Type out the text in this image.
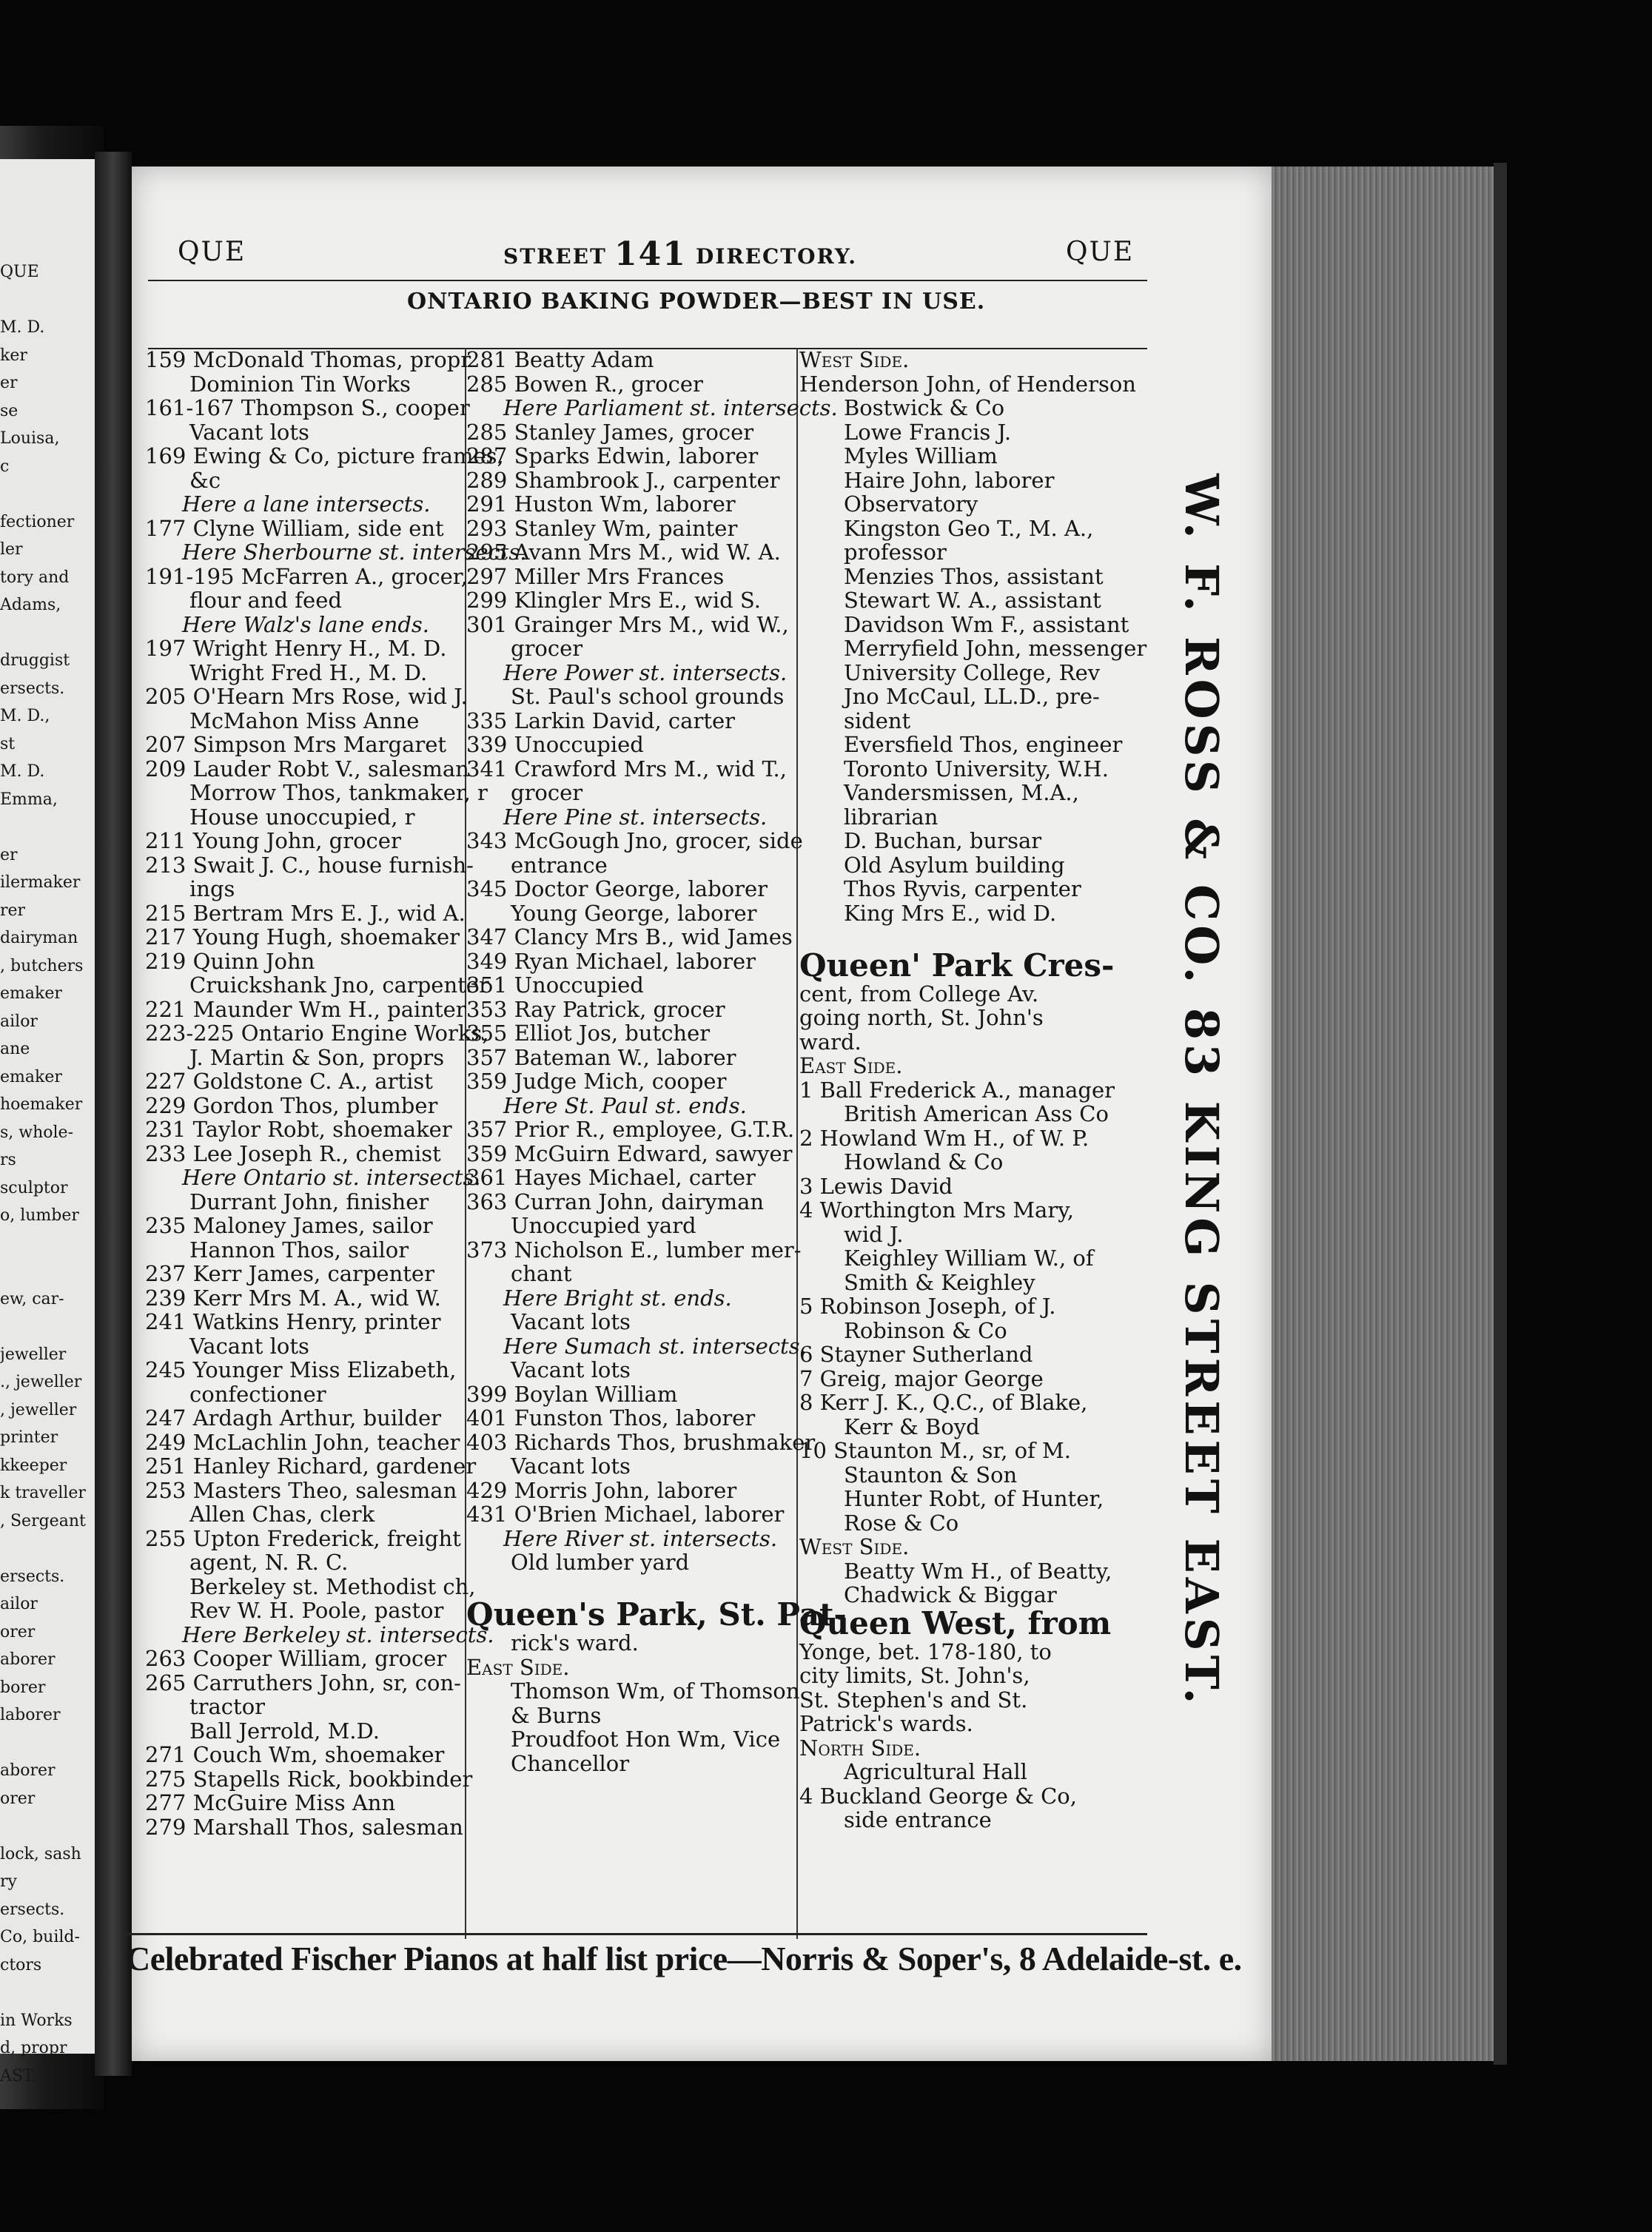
QUE
M. D.
ker
er
se
Louisa,
c
fectioner
ler
tory and
Adams,
druggist
ersects.
M. D.,
st
M. D.
Emma,
er
ilermaker
rer
dairyman
, butchers
emaker
ailor
ane
emaker
hoemaker
s, whole-
rs
sculptor
o, lumber
ew, car-
jeweller
., jeweller
, jeweller
printer
kkeeper
k traveller
, Sergeant
ersects.
ailor
orer
aborer
borer
laborer
aborer
orer
lock, sash
ry
ersects.
Co, build-
ctors
in Works
d, propr
AST.
QUE	STREET 141 DIRECTORY.	QUE
ONTARIO BAKING POWDER—BEST IN USE.
159 McDonald Thomas, propr
Dominion Tin Works
161-167 Thompson S., cooper
Vacant lots
169 Ewing & Co, picture frames,
&c
Here a lane intersects.
177 Clyne William, side ent
Here Sherbourne st. intersects.
191-195 McFarren A., grocer,
flour and feed
Here Walz's lane ends.
197 Wright Henry H., M. D.
Wright Fred H., M. D.
205 O'Hearn Mrs Rose, wid J.
McMahon Miss Anne
207 Simpson Mrs Margaret
209 Lauder Robt V., salesman
Morrow Thos, tankmaker, r
House unoccupied, r
211 Young John, grocer
213 Swait J. C., house furnish-
ings
215 Bertram Mrs E. J., wid A.
217 Young Hugh, shoemaker
219 Quinn John
Cruickshank Jno, carpenter
221 Maunder Wm H., painter
223-225 Ontario Engine Works,
J. Martin & Son, proprs
227 Goldstone C. A., artist
229 Gordon Thos, plumber
231 Taylor Robt, shoemaker
233 Lee Joseph R., chemist
Here Ontario st. intersects.
Durrant John, finisher
235 Maloney James, sailor
Hannon Thos, sailor
237 Kerr James, carpenter
239 Kerr Mrs M. A., wid W.
241 Watkins Henry, printer
Vacant lots
245 Younger Miss Elizabeth,
confectioner
247 Ardagh Arthur, builder
249 McLachlin John, teacher
251 Hanley Richard, gardener
253 Masters Theo, salesman
Allen Chas, clerk
255 Upton Frederick, freight
agent, N. R. C.
Berkeley st. Methodist ch,
Rev W. H. Poole, pastor
Here Berkeley st. intersects.
263 Cooper William, grocer
265 Carruthers John, sr, con-
tractor
Ball Jerrold, M.D.
271 Couch Wm, shoemaker
275 Stapells Rick, bookbinder
277 McGuire Miss Ann
279 Marshall Thos, salesman
281 Beatty Adam
285 Bowen R., grocer
Here Parliament st. intersects.
285 Stanley James, grocer
287 Sparks Edwin, laborer
289 Shambrook J., carpenter
291 Huston Wm, laborer
293 Stanley Wm, painter
295 Avann Mrs M., wid W. A.
297 Miller Mrs Frances
299 Klingler Mrs E., wid S.
301 Grainger Mrs M., wid W.,
grocer
Here Power st. intersects.
St. Paul's school grounds
335 Larkin David, carter
339 Unoccupied
341 Crawford Mrs M., wid T.,
grocer
Here Pine st. intersects.
343 McGough Jno, grocer, side
entrance
345 Doctor George, laborer
Young George, laborer
347 Clancy Mrs B., wid James
349 Ryan Michael, laborer
351 Unoccupied
353 Ray Patrick, grocer
355 Elliot Jos, butcher
357 Bateman W., laborer
359 Judge Mich, cooper
Here St. Paul st. ends.
357 Prior R., employee, G.T.R.
359 McGuirn Edward, sawyer
361 Hayes Michael, carter
363 Curran John, dairyman
Unoccupied yard
373 Nicholson E., lumber mer-
chant
Here Bright st. ends.
Vacant lots
Here Sumach st. intersects.
Vacant lots
399 Boylan William
401 Funston Thos, laborer
403 Richards Thos, brushmaker
Vacant lots
429 Morris John, laborer
431 O'Brien Michael, laborer
Here River st. intersects.
Old lumber yard
Queen's Park, St. Pat-
rick's ward.
East Side.
Thomson Wm, of Thomson
& Burns
Proudfoot Hon Wm, Vice
Chancellor
West Side.
Henderson John, of Henderson
Bostwick & Co
Lowe Francis J.
Myles William
Haire John, laborer
Observatory
Kingston Geo T., M. A.,
professor
Menzies Thos, assistant
Stewart W. A., assistant
Davidson Wm F., assistant
Merryfield John, messenger
University College, Rev
Jno McCaul, LL.D., pre-
sident
Eversfield Thos, engineer
Toronto University, W.H.
Vandersmissen, M.A.,
librarian
D. Buchan, bursar
Old Asylum building
Thos Ryvis, carpenter
King Mrs E., wid D.
Queen' Park Cres-
cent, from College Av.
going north, St. John's
ward.
East Side.
1 Ball Frederick A., manager
British American Ass Co
2 Howland Wm H., of W. P.
Howland & Co
3 Lewis David
4 Worthington Mrs Mary,
wid J.
Keighley William W., of
Smith & Keighley
5 Robinson Joseph, of J.
Robinson & Co
6 Stayner Sutherland
7 Greig, major George
8 Kerr J. K., Q.C., of Blake,
Kerr & Boyd
10 Staunton M., sr, of M.
Staunton & Son
Hunter Robt, of Hunter,
Rose & Co
West Side.
Beatty Wm H., of Beatty,
Chadwick & Biggar
Queen West, from
Yonge, bet. 178-180, to
city limits, St. John's,
St. Stephen's and St.
Patrick's wards.
North Side.
Agricultural Hall
4 Buckland George & Co,
side entrance
W. F. ROSS & CO. 83 KING STREET EAST.
Celebrated Fischer Pianos at half list price—Norris & Soper's, 8 Adelaide-st. e.
